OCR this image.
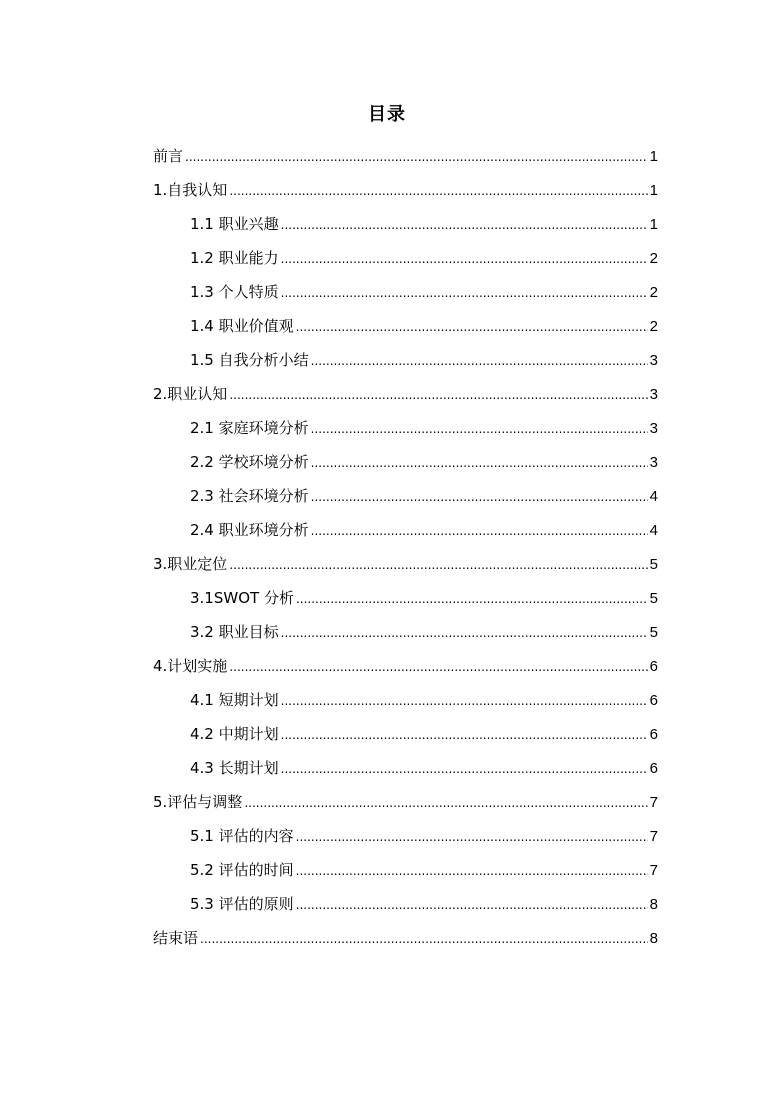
目录
前言 .....	1
1.自我认知 .....	1
1.1 职业兴趣 .....	1
1.2 职业能力 .....	2
1.3 个人特质 .....	2
1.4 职业价值观 .....	2
1.5 自我分析小结 .....	3
2.职业认知 .....	3
2.1 家庭环境分析 .....	3
2.2 学校环境分析 .....	3
2.3 社会环境分析 .....	4
2.4 职业环境分析 .....	4
3.职业定位 .....	5
3.1SWOT 分析 .....	5
3.2 职业目标 .....	5
4.计划实施 .....	6
4.1 短期计划 .....	6
4.2 中期计划 .....	6
4.3 长期计划 .....	6
5.评估与调整 .....	7
5.1 评估的内容 .....	7
5.2 评估的时间 .....	7
5.3 评估的原则 .....	8
结束语 .....	8
